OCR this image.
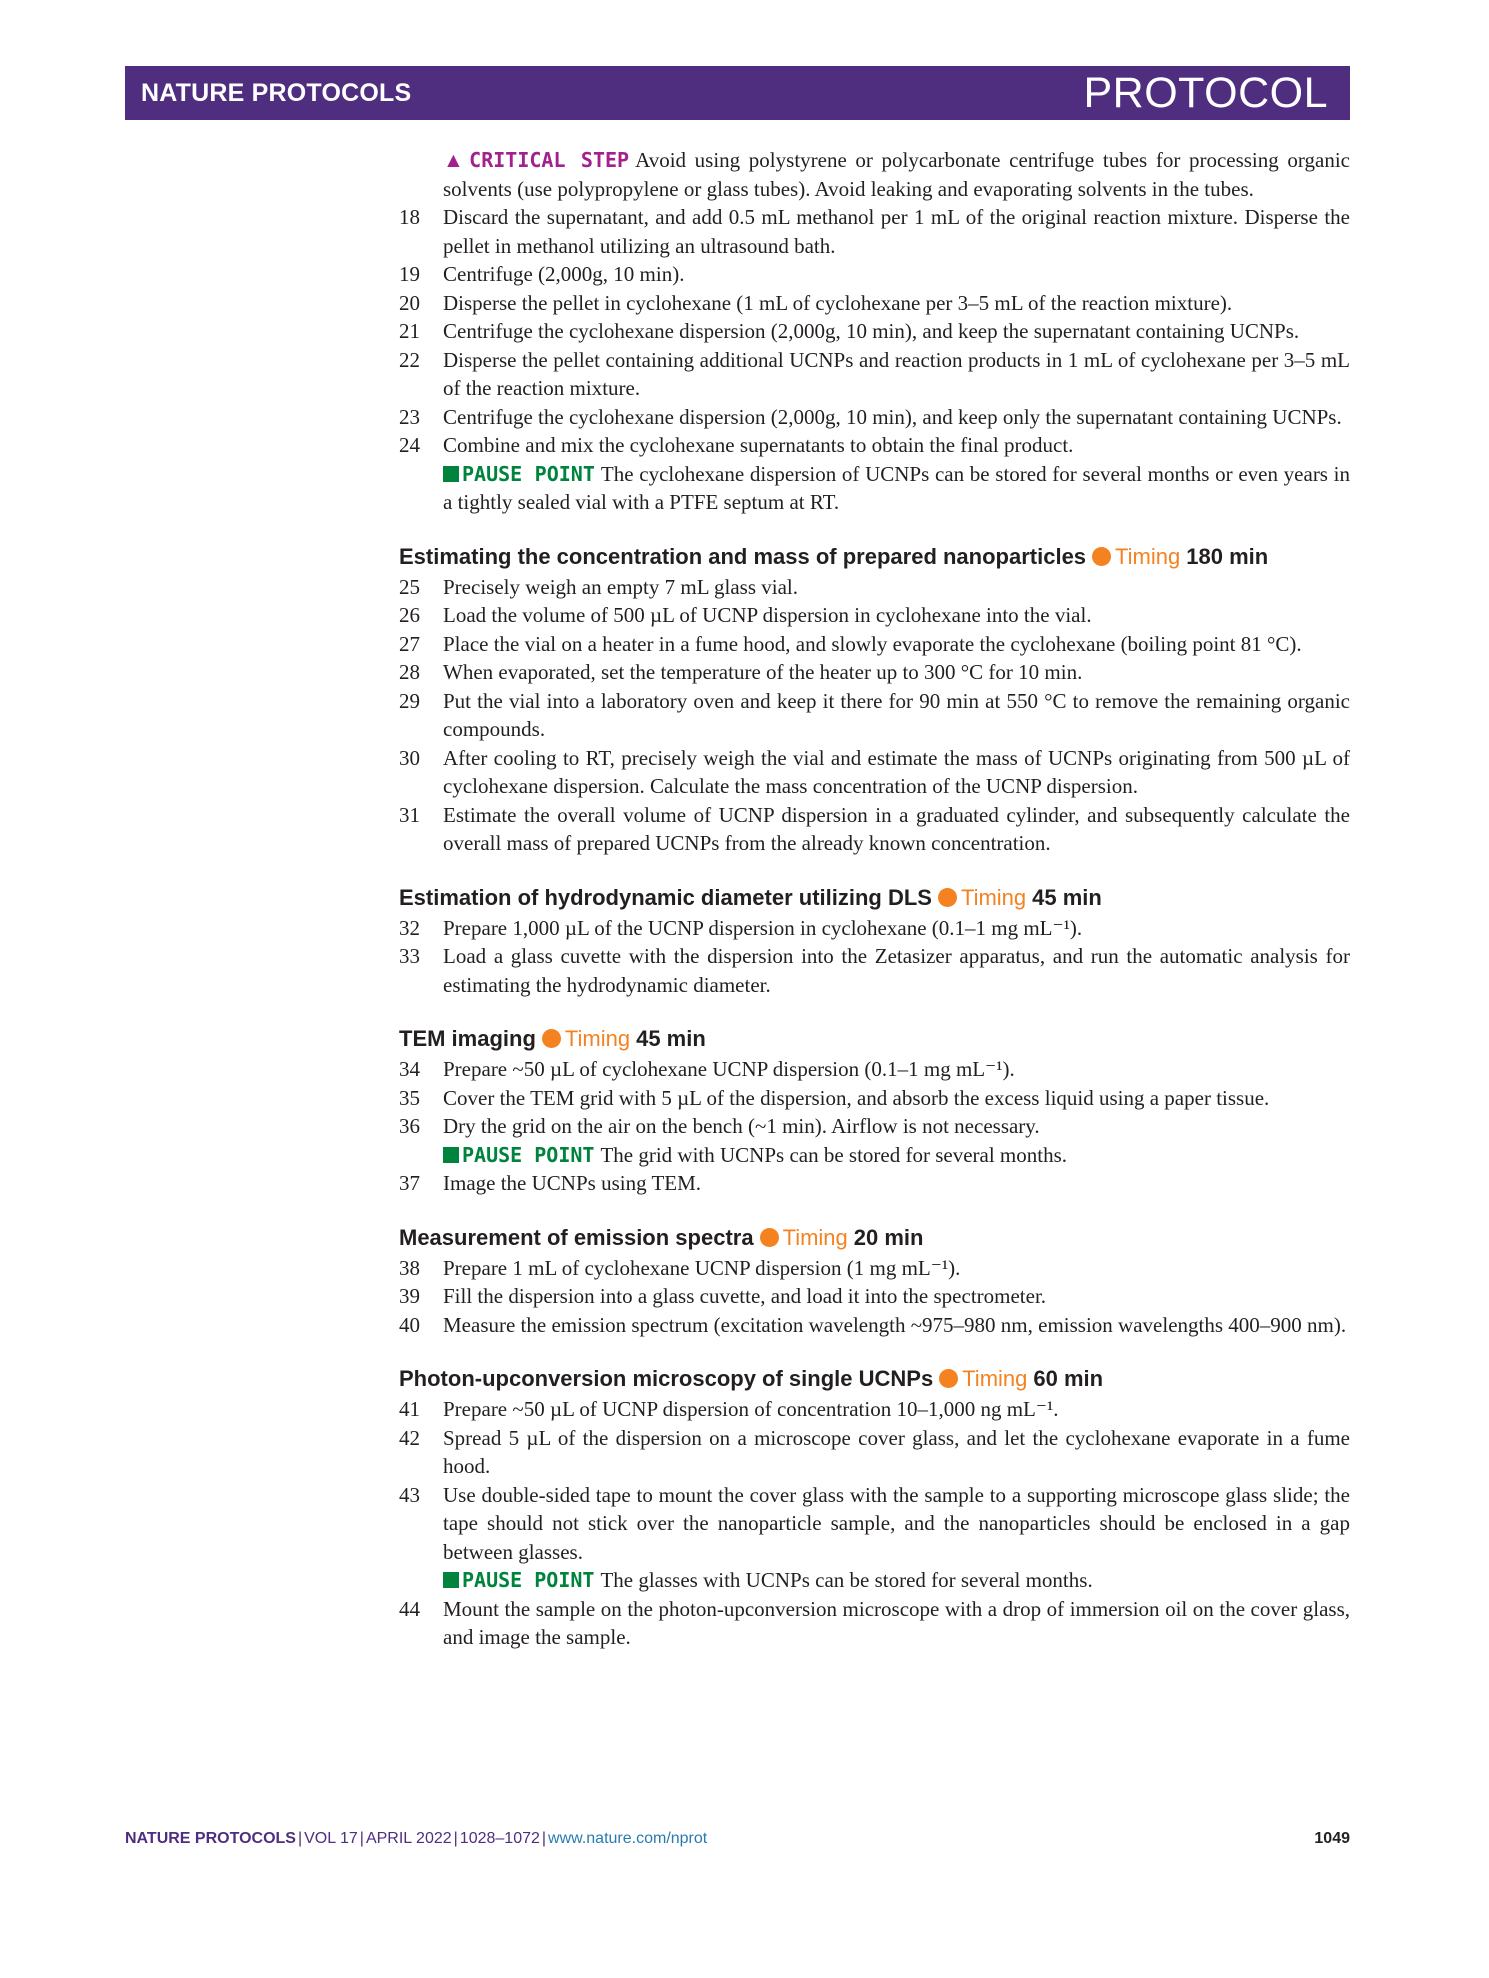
NATURE PROTOCOLS	PROTOCOL
▲ CRITICAL STEP Avoid using polystyrene or polycarbonate centrifuge tubes for processing organic solvents (use polypropylene or glass tubes). Avoid leaking and evaporating solvents in the tubes.
18 Discard the supernatant, and add 0.5 mL methanol per 1 mL of the original reaction mixture. Disperse the pellet in methanol utilizing an ultrasound bath.
19 Centrifuge (2,000g, 10 min).
20 Disperse the pellet in cyclohexane (1 mL of cyclohexane per 3–5 mL of the reaction mixture).
21 Centrifuge the cyclohexane dispersion (2,000g, 10 min), and keep the supernatant containing UCNPs.
22 Disperse the pellet containing additional UCNPs and reaction products in 1 mL of cyclohexane per 3–5 mL of the reaction mixture.
23 Centrifuge the cyclohexane dispersion (2,000g, 10 min), and keep only the supernatant containing UCNPs.
24 Combine and mix the cyclohexane supernatants to obtain the final product.
PAUSE POINT The cyclohexane dispersion of UCNPs can be stored for several months or even years in a tightly sealed vial with a PTFE septum at RT.
Estimating the concentration and mass of prepared nanoparticles Timing 180 min
25 Precisely weigh an empty 7 mL glass vial.
26 Load the volume of 500 µL of UCNP dispersion in cyclohexane into the vial.
27 Place the vial on a heater in a fume hood, and slowly evaporate the cyclohexane (boiling point 81 °C).
28 When evaporated, set the temperature of the heater up to 300 °C for 10 min.
29 Put the vial into a laboratory oven and keep it there for 90 min at 550 °C to remove the remaining organic compounds.
30 After cooling to RT, precisely weigh the vial and estimate the mass of UCNPs originating from 500 µL of cyclohexane dispersion. Calculate the mass concentration of the UCNP dispersion.
31 Estimate the overall volume of UCNP dispersion in a graduated cylinder, and subsequently calculate the overall mass of prepared UCNPs from the already known concentration.
Estimation of hydrodynamic diameter utilizing DLS Timing 45 min
32 Prepare 1,000 µL of the UCNP dispersion in cyclohexane (0.1–1 mg mL⁻¹).
33 Load a glass cuvette with the dispersion into the Zetasizer apparatus, and run the automatic analysis for estimating the hydrodynamic diameter.
TEM imaging Timing 45 min
34 Prepare ~50 µL of cyclohexane UCNP dispersion (0.1–1 mg mL⁻¹).
35 Cover the TEM grid with 5 µL of the dispersion, and absorb the excess liquid using a paper tissue.
36 Dry the grid on the air on the bench (~1 min). Airflow is not necessary.
PAUSE POINT The grid with UCNPs can be stored for several months.
37 Image the UCNPs using TEM.
Measurement of emission spectra Timing 20 min
38 Prepare 1 mL of cyclohexane UCNP dispersion (1 mg mL⁻¹).
39 Fill the dispersion into a glass cuvette, and load it into the spectrometer.
40 Measure the emission spectrum (excitation wavelength ~975–980 nm, emission wavelengths 400–900 nm).
Photon-upconversion microscopy of single UCNPs Timing 60 min
41 Prepare ~50 µL of UCNP dispersion of concentration 10–1,000 ng mL⁻¹.
42 Spread 5 µL of the dispersion on a microscope cover glass, and let the cyclohexane evaporate in a fume hood.
43 Use double-sided tape to mount the cover glass with the sample to a supporting microscope glass slide; the tape should not stick over the nanoparticle sample, and the nanoparticles should be enclosed in a gap between glasses.
PAUSE POINT The glasses with UCNPs can be stored for several months.
44 Mount the sample on the photon-upconversion microscope with a drop of immersion oil on the cover glass, and image the sample.
NATURE PROTOCOLS | VOL 17 | APRIL 2022 | 1028–1072 | www.nature.com/nprot	1049
